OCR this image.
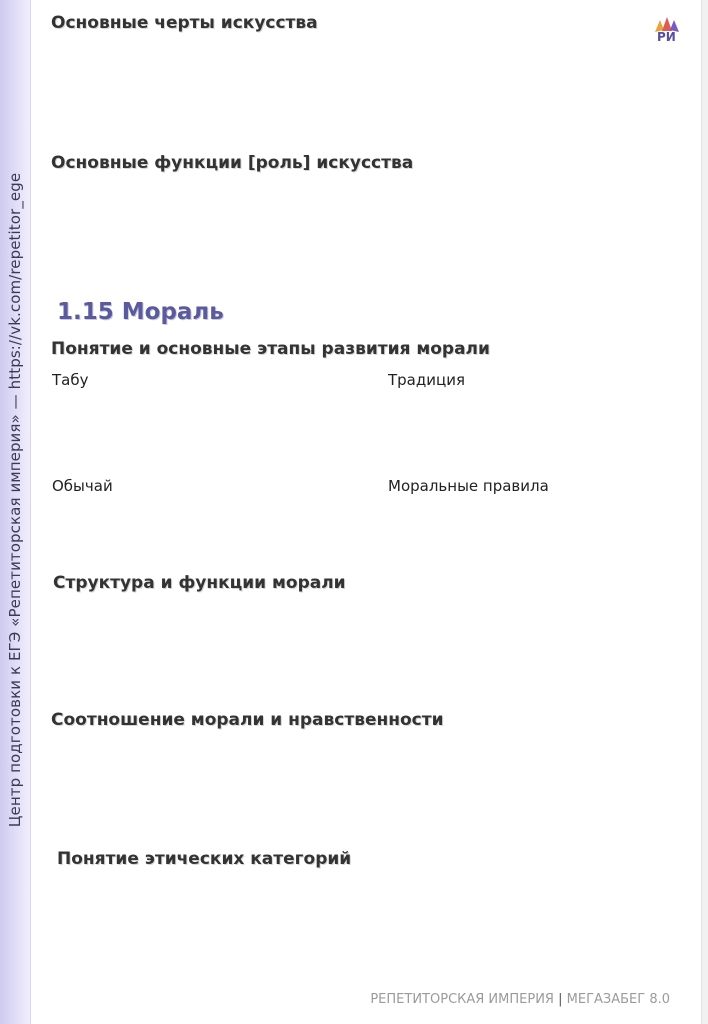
Центр подготовки к ЕГЭ «Репетиторская империя» — https://vk.com/repetitor_ege
РИ
Основные черты искусства
Основные функции [роль] искусства
1.15 Мораль
Понятие и основные этапы развития морали
Табу	Традиция
Обычай	Моральные правила
Структура и функции морали
Соотношение морали и нравственности
Понятие этических категорий
РЕПЕТИТОРСКАЯ ИМПЕРИЯ | МЕГАЗАБЕГ 8.0
